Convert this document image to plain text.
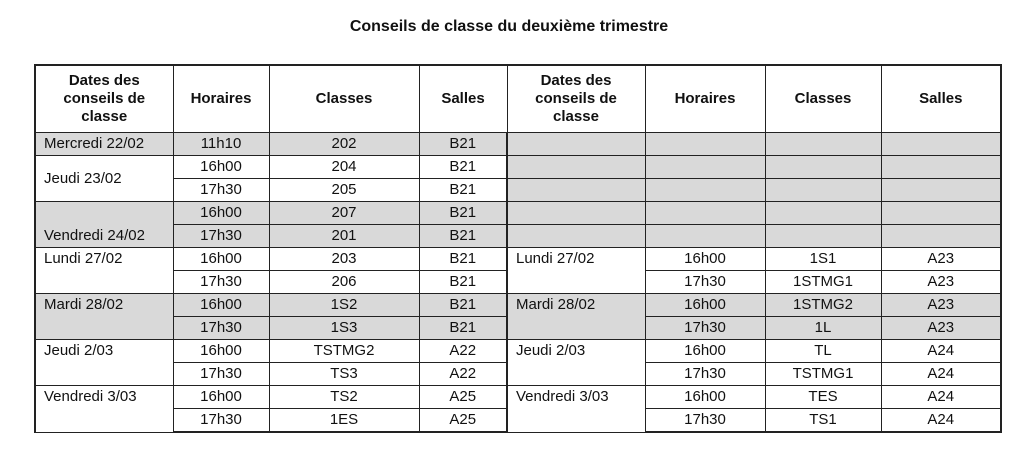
Conseils de classe du deuxième trimestre
Dates des conseils de classe	Horaires	Classes	Salles	Dates des conseils de classe	Horaires	Classes	Salles
Mercredi 22/02	11h10	202	B21				
Jeudi 23/02	16h00	204	B21				
	17h30	205	B21				
Vendredi 24/02	16h00	207	B21				
	17h30	201	B21				
Lundi 27/02	16h00	203	B21	Lundi 27/02	16h00	1S1	A23
	17h30	206	B21		17h30	1STMG1	A23
Mardi 28/02	16h00	1S2	B21	Mardi 28/02	16h00	1STMG2	A23
	17h30	1S3	B21		17h30	1L	A23
Jeudi 2/03	16h00	TSTMG2	A22	Jeudi 2/03	16h00	TL	A24
	17h30	TS3	A22		17h30	TSTMG1	A24
Vendredi 3/03	16h00	TS2	A25	Vendredi 3/03	16h00	TES	A24
	17h30	1ES	A25		17h30	TS1	A24
